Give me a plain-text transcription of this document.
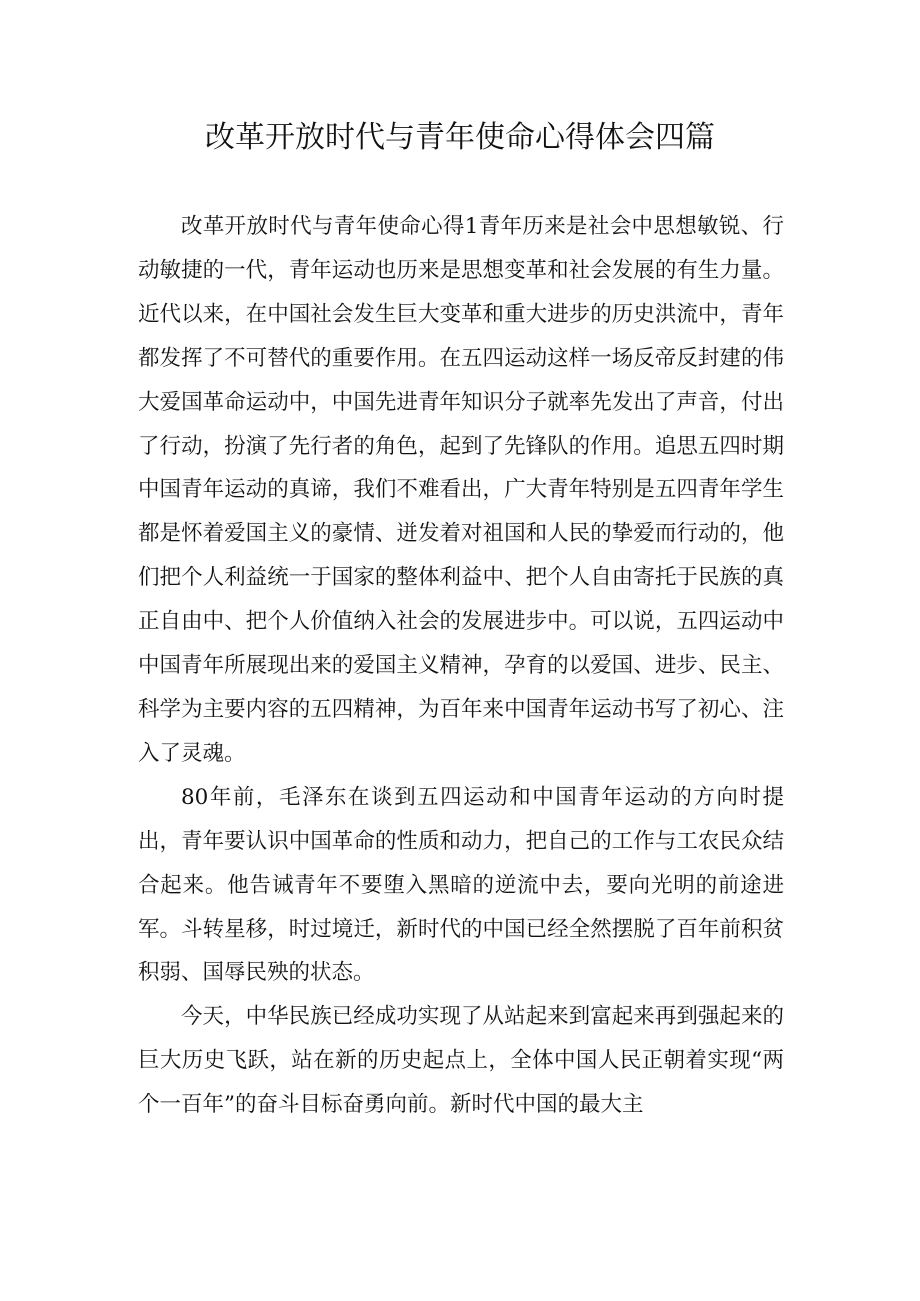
改革开放时代与青年使命心得体会四篇

改革开放时代与青年使命心得1青年历来是社会中思想敏锐、行动敏捷的一代，青年运动也历来是思想变革和社会发展的有生力量。近代以来，在中国社会发生巨大变革和重大进步的历史洪流中，青年都发挥了不可替代的重要作用。在五四运动这样一场反帝反封建的伟大爱国革命运动中，中国先进青年知识分子就率先发出了声音，付出了行动，扮演了先行者的角色，起到了先锋队的作用。追思五四时期中国青年运动的真谛，我们不难看出，广大青年特别是五四青年学生都是怀着爱国主义的豪情、迸发着对祖国和人民的挚爱而行动的，他们把个人利益统一于国家的整体利益中、把个人自由寄托于民族的真正自由中、把个人价值纳入社会的发展进步中。可以说，五四运动中中国青年所展现出来的爱国主义精神，孕育的以爱国、进步、民主、科学为主要内容的五四精神，为百年来中国青年运动书写了初心、注入了灵魂。

80年前，毛泽东在谈到五四运动和中国青年运动的方向时提出，青年要认识中国革命的性质和动力，把自己的工作与工农民众结合起来。他告诫青年不要堕入黑暗的逆流中去，要向光明的前途进军。斗转星移，时过境迁，新时代的中国已经全然摆脱了百年前积贫积弱、国辱民殃的状态。

今天，中华民族已经成功实现了从站起来到富起来再到强起来的巨大历史飞跃，站在新的历史起点上，全体中国人民正朝着实现“两个一百年”的奋斗目标奋勇向前。新时代中国的最大主
